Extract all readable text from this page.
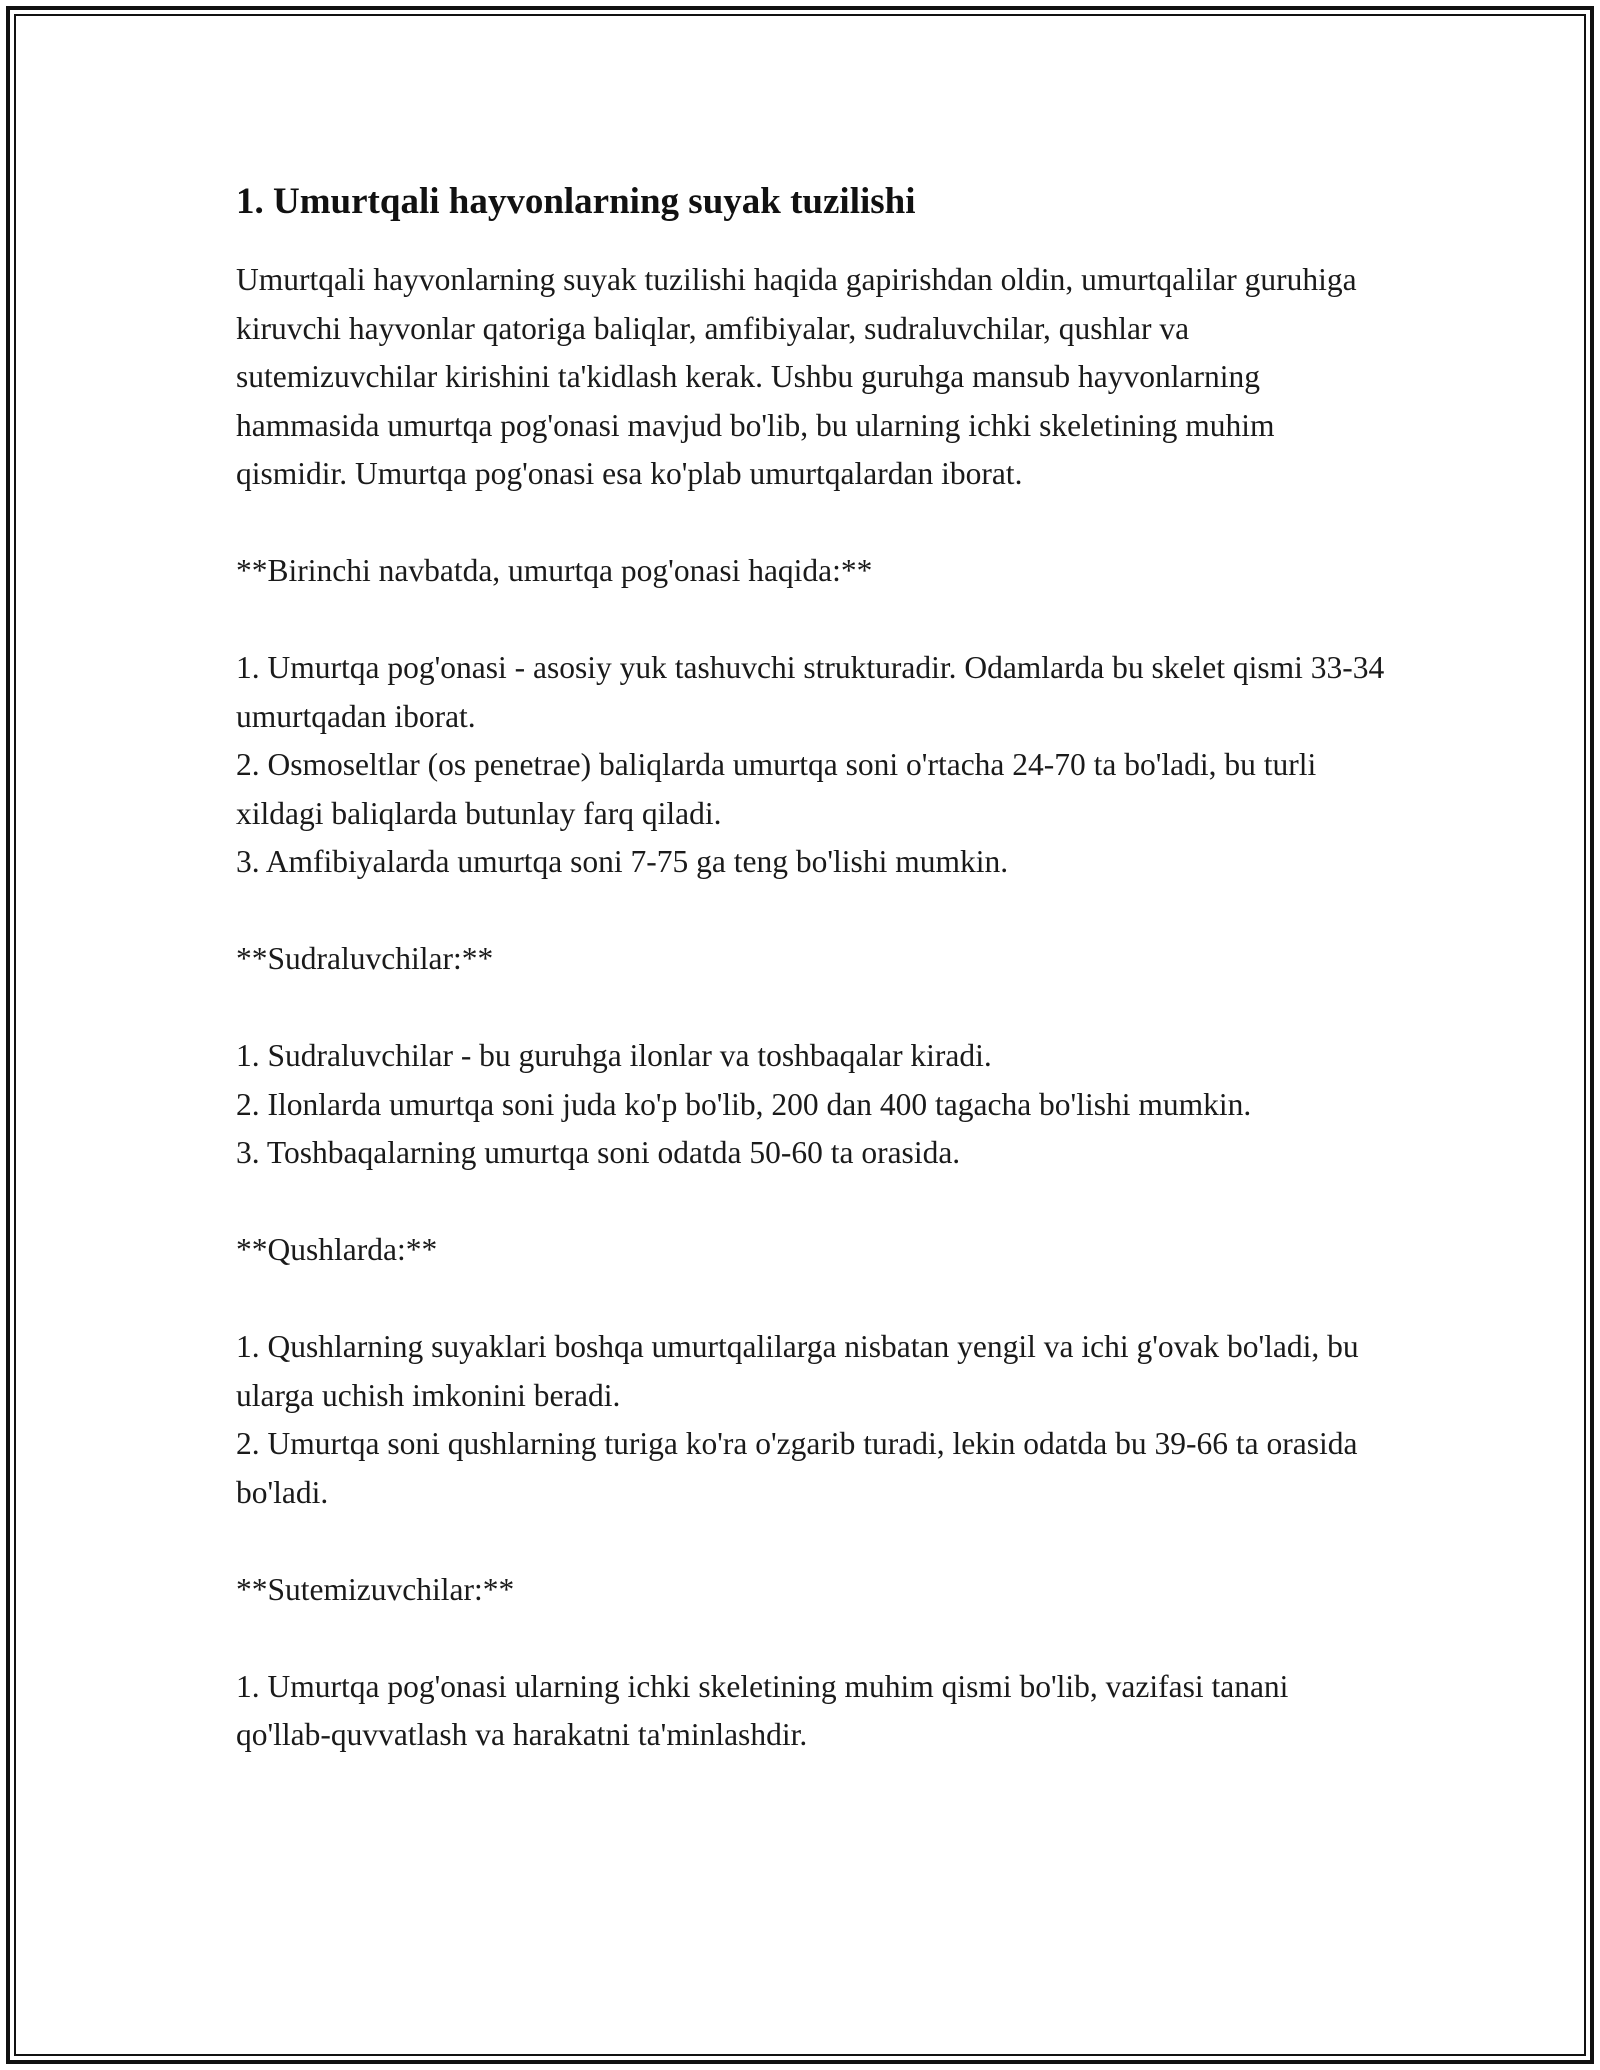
1. Umurtqali hayvonlarning suyak tuzilishi

Umurtqali hayvonlarning suyak tuzilishi haqida gapirishdan oldin, umurtqalilar guruhiga kiruvchi hayvonlar qatoriga baliqlar, amfibiyalar, sudraluvchilar, qushlar va sutemizuvchilar kirishini ta'kidlash kerak. Ushbu guruhga mansub hayvonlarning hammasida umurtqa pog'onasi mavjud bo'lib, bu ularning ichki skeletining muhim qismidir. Umurtqa pog'onasi esa ko'plab umurtqalardan iborat.

**Birinchi navbatda, umurtqa pog'onasi haqida:**

1. Umurtqa pog'onasi - asosiy yuk tashuvchi strukturadir. Odamlarda bu skelet qismi 33-34 umurtqadan iborat.

2. Osmoseltlar (os penetrae) baliqlarda umurtqa soni o'rtacha 24-70 ta bo'ladi, bu turli xildagi baliqlarda butunlay farq qiladi.

3. Amfibiyalarda umurtqa soni 7-75 ga teng bo'lishi mumkin.

**Sudraluvchilar:**

1. Sudraluvchilar - bu guruhga ilonlar va toshbaqalar kiradi.

2. Ilonlarda umurtqa soni juda ko'p bo'lib, 200 dan 400 tagacha bo'lishi mumkin.

3. Toshbaqalarning umurtqa soni odatda 50-60 ta orasida.

**Qushlarda:**

1. Qushlarning suyaklari boshqa umurtqalilarga nisbatan yengil va ichi g'ovak bo'ladi, bu ularga uchish imkonini beradi.

2. Umurtqa soni qushlarning turiga ko'ra o'zgarib turadi, lekin odatda bu 39-66 ta orasida bo'ladi.

**Sutemizuvchilar:**

1. Umurtqa pog'onasi ularning ichki skeletining muhim qismi bo'lib, vazifasi tanani qo'llab-quvvatlash va harakatni ta'minlashdir.
